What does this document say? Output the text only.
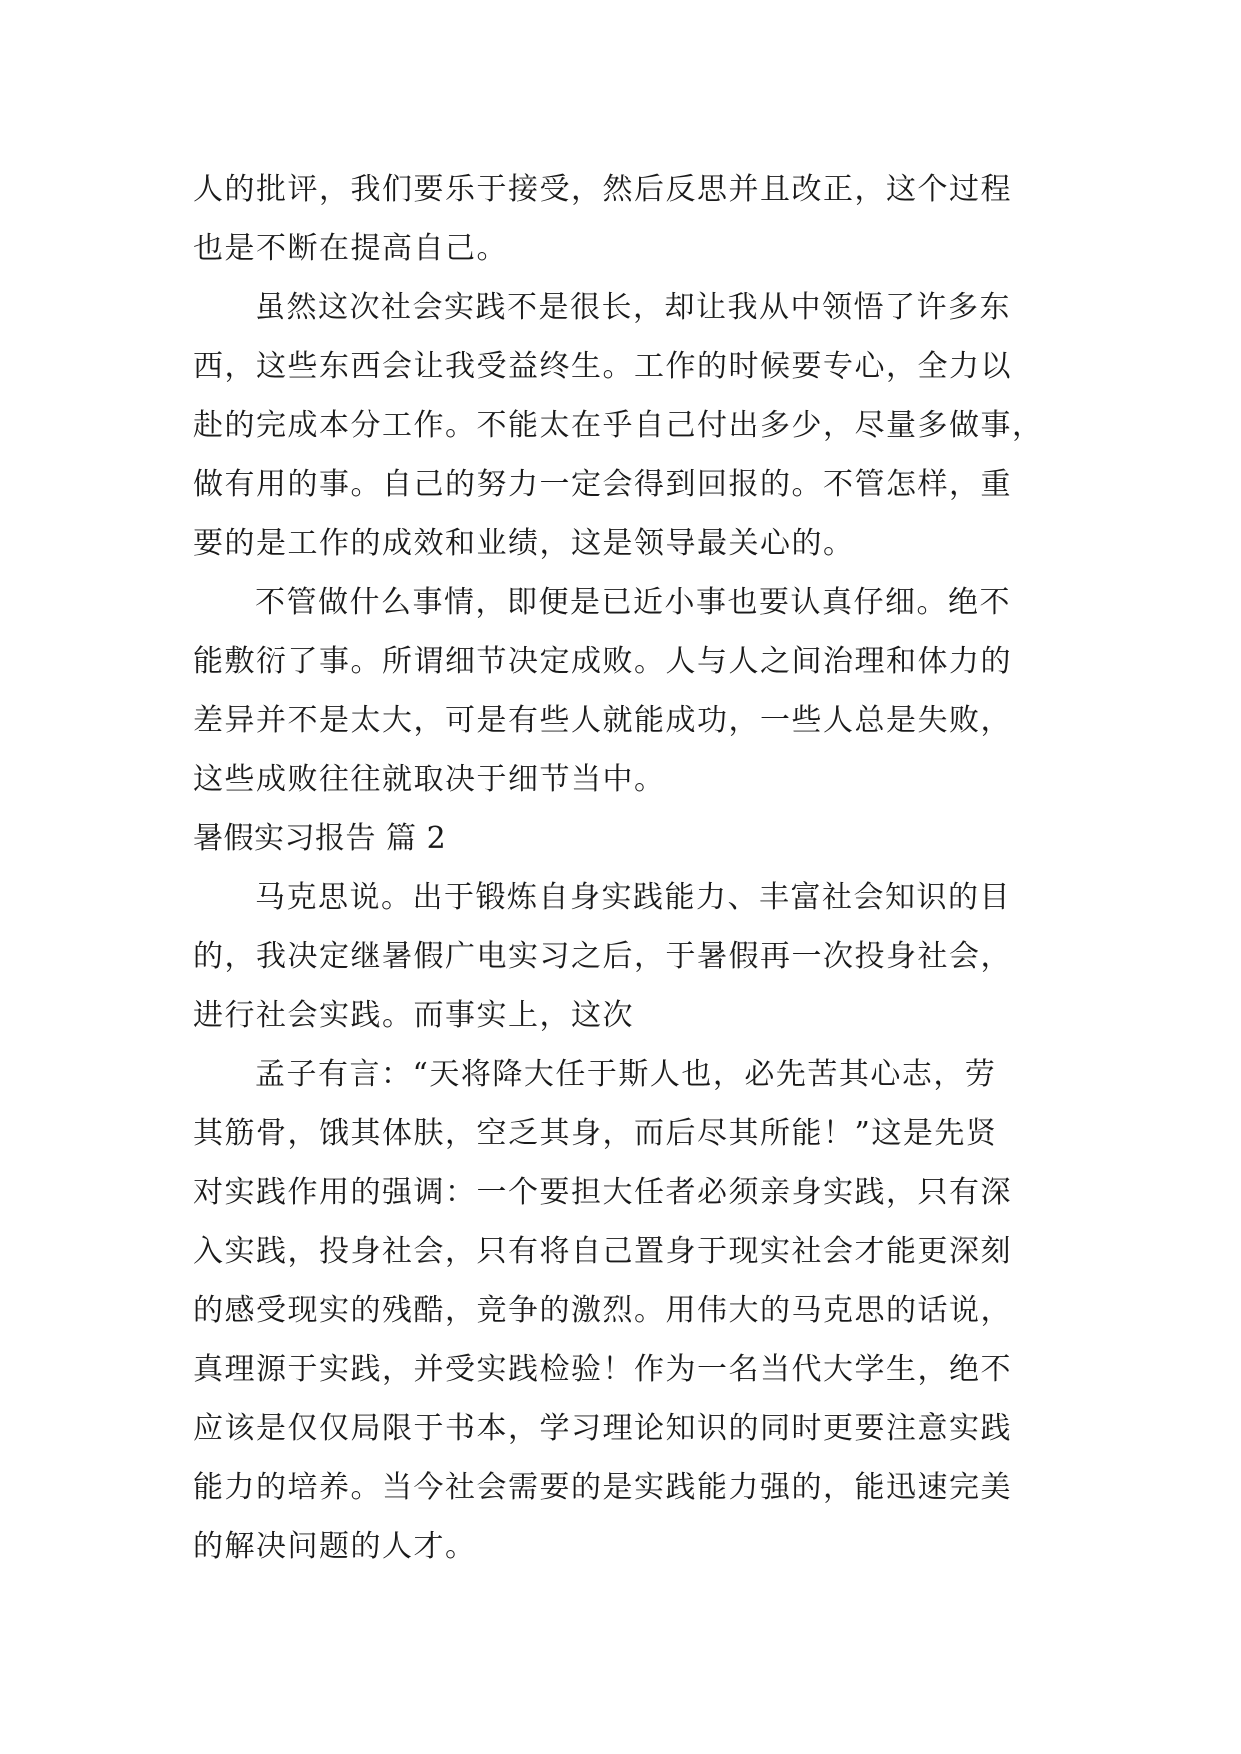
人的批评，我们要乐于接受，然后反思并且改正，这个过程
也是不断在提高自己。
虽然这次社会实践不是很长，却让我从中领悟了许多东
西，这些东西会让我受益终生。工作的时候要专心，全力以
赴的完成本分工作。不能太在乎自己付出多少，尽量多做事，
做有用的事。自己的努力一定会得到回报的。不管怎样，重
要的是工作的成效和业绩，这是领导最关心的。
不管做什么事情，即便是已近小事也要认真仔细。绝不
能敷衍了事。所谓细节决定成败。人与人之间治理和体力的
差异并不是太大，可是有些人就能成功，一些人总是失败，
这些成败往往就取决于细节当中。
暑假实习报告 篇 2
马克思说。出于锻炼自身实践能力、丰富社会知识的目
的，我决定继暑假广电实习之后，于暑假再一次投身社会，
进行社会实践。而事实上，这次
孟子有言：“天将降大任于斯人也，必先苦其心志，劳
其筋骨，饿其体肤，空乏其身，而后尽其所能！”这是先贤
对实践作用的强调：一个要担大任者必须亲身实践，只有深
入实践，投身社会，只有将自己置身于现实社会才能更深刻
的感受现实的残酷，竞争的激烈。用伟大的马克思的话说，
真理源于实践，并受实践检验！作为一名当代大学生，绝不
应该是仅仅局限于书本，学习理论知识的同时更要注意实践
能力的培养。当今社会需要的是实践能力强的，能迅速完美
的解决问题的人才。
